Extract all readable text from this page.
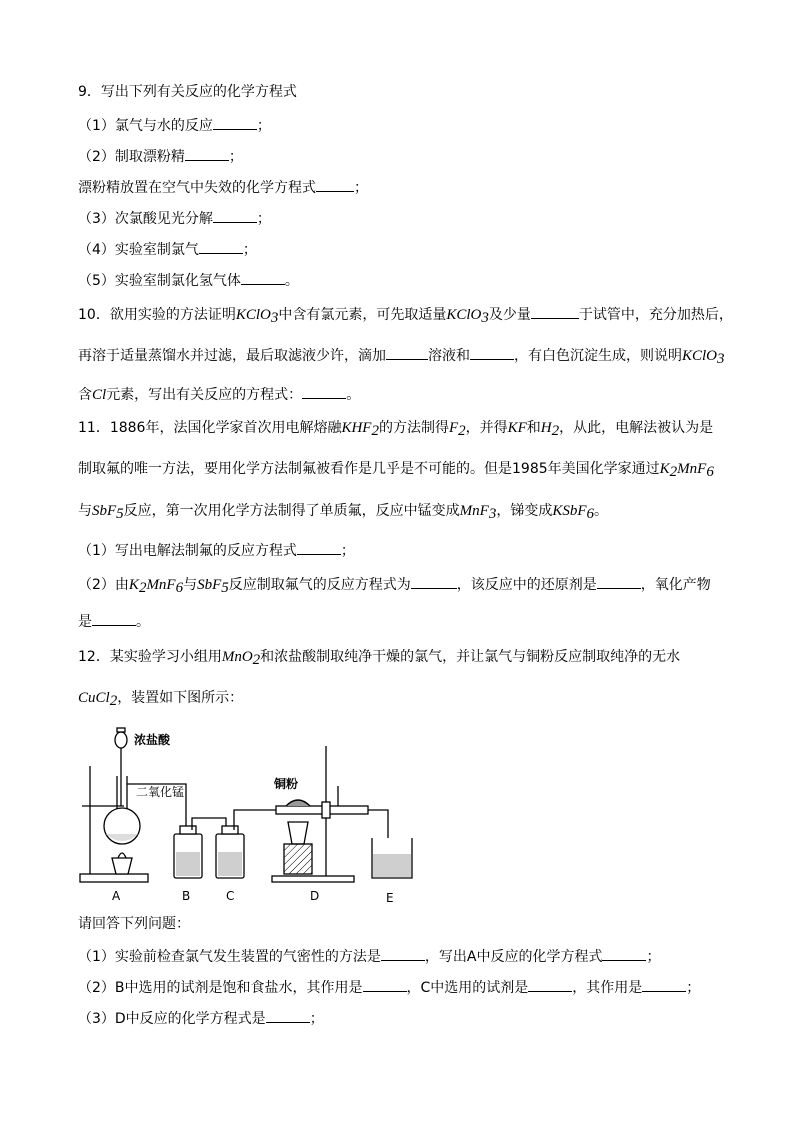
9．写出下列有关反应的化学方程式
（1）氯气与水的反应	；
（2）制取漂粉精	；
漂粉精放置在空气中失效的化学方程式	；
（3）次氯酸见光分解	；
（4）实验室制氯气	；
（5）实验室制氯化氢气体	。
10．欲用实验的方法证明KClO$_3$中含有氯元素，可先取适量KClO$_3$及少量	于试管中，充分加热后，
再溶于适量蒸馏水并过滤，最后取滤液少许，滴加	溶液和	，有白色沉淀生成，则说明KClO$_3$
含Cl元素，写出有关反应的方程式：	。
11．1886年，法国化学家首次用电解熔融$KHF_2$的方法制得$F_2$，并得KF和$H_2$，从此，电解法被认为是
制取氟的唯一方法，要用化学方法制氟被看作是几乎是不可能的。但是1985年美国化学家通过$K_2MnF_6$
与SbF$_5$反应，第一次用化学方法制得了单质氟，反应中锰变成MnF$_3$，锑变成KSbF$_6$。
（1）写出电解法制氟的反应方程式	；
（2）由$K_2MnF_6$与SbF$_5$反应制取氟气的反应方程式为	，该反应中的还原剂是	，氧化产物
是	。
12．某实验学习小组用MnO$_2$和浓盐酸制取纯净干燥的氯气，并让氯气与铜粉反应制取纯净的无水
CuCl$_2$，装置如下图所示：
浓盐酸
二氧化锰
铜粉
A	B	C	D	E
请回答下列问题：
（1）实验前检查氯气发生装置的气密性的方法是	，写出A中反应的化学方程式	；
（2）B中选用的试剂是饱和食盐水，其作用是	，C中选用的试剂是	，其作用是	；
（3）D中反应的化学方程式是	；
